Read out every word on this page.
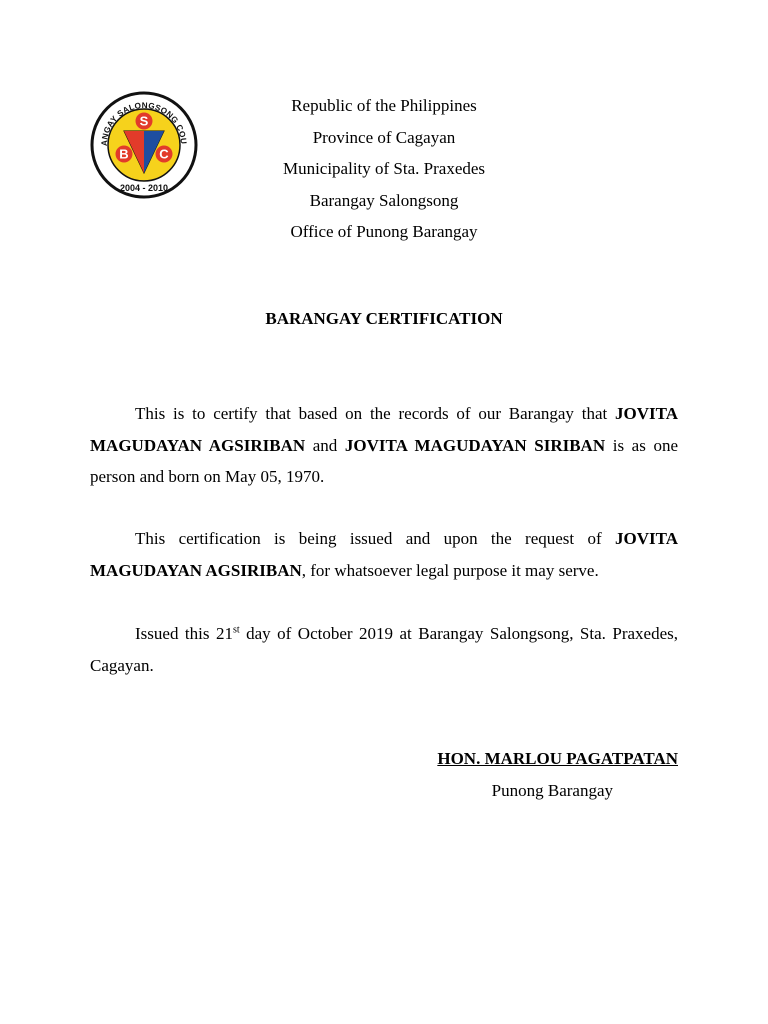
ANGAY SALONGSONG COU
2004 - 2010
S
B C
Republic of the Philippines
Province of Cagayan
Municipality of Sta. Praxedes
Barangay Salongsong
Office of Punong Barangay
BARANGAY CERTIFICATION
This is to certify that based on the records of our Barangay that JOVITA MAGUDAYAN AGSIRIBAN and JOVITA MAGUDAYAN SIRIBAN is as one person and born on May 05, 1970.
This certification is being issued and upon the request of JOVITA MAGUDAYAN AGSIRIBAN, for whatsoever legal purpose it may serve.
Issued this 21st day of October 2019 at Barangay Salongsong, Sta. Praxedes, Cagayan.
HON. MARLOU PAGATPATAN
Punong Barangay
